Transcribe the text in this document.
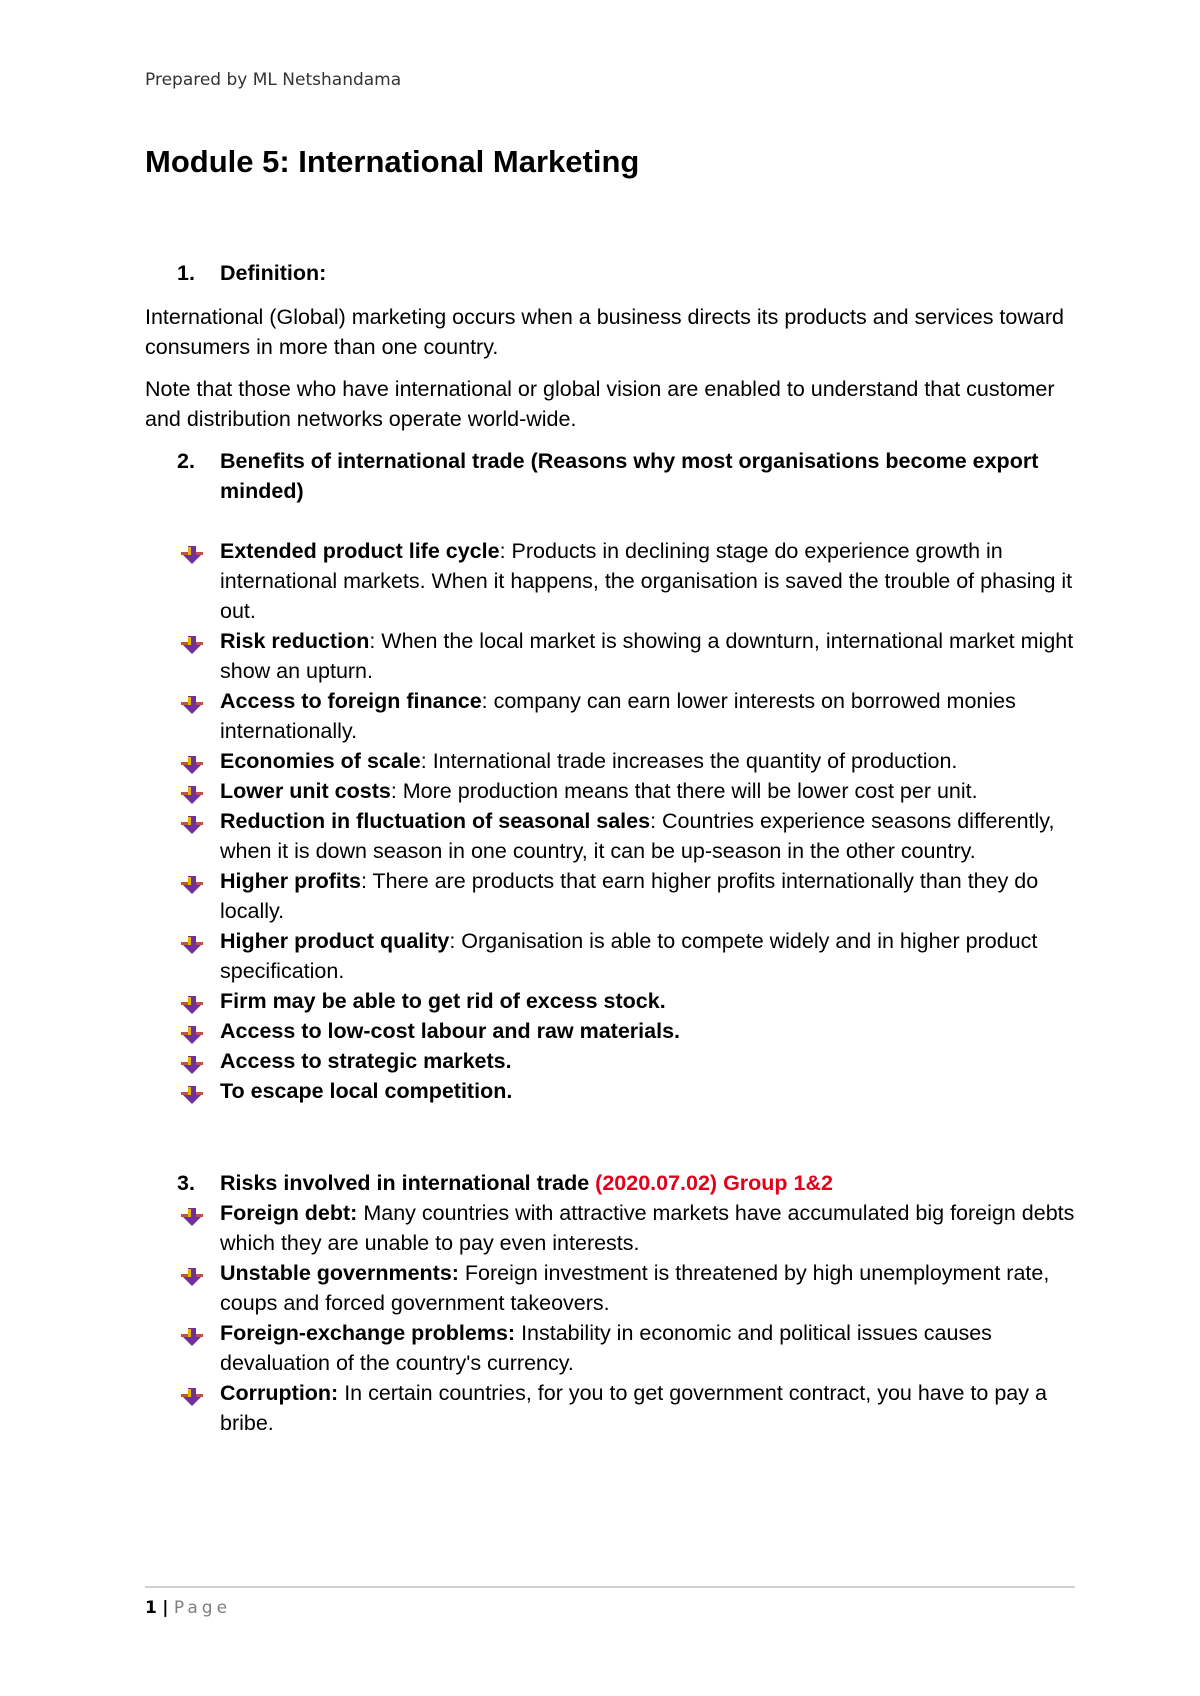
Prepared by ML Netshandama
Module 5: International Marketing

1. Definition:

International (Global) marketing occurs when a business directs its products and services toward consumers in more than one country.

Note that those who have international or global vision are enabled to understand that customer and distribution networks operate world-wide.

2. Benefits of international trade (Reasons why most organisations become export minded)

Extended product life cycle: Products in declining stage do experience growth in international markets. When it happens, the organisation is saved the trouble of phasing it out.
Risk reduction: When the local market is showing a downturn, international market might show an upturn.
Access to foreign finance: company can earn lower interests on borrowed monies internationally.
Economies of scale: International trade increases the quantity of production.
Lower unit costs: More production means that there will be lower cost per unit.
Reduction in fluctuation of seasonal sales: Countries experience seasons differently, when it is down season in one country, it can be up-season in the other country.
Higher profits: There are products that earn higher profits internationally than they do locally.
Higher product quality: Organisation is able to compete widely and in higher product specification.
Firm may be able to get rid of excess stock.
Access to low-cost labour and raw materials.
Access to strategic markets.
To escape local competition.

3. Risks involved in international trade (2020.07.02) Group 1&2

Foreign debt: Many countries with attractive markets have accumulated big foreign debts which they are unable to pay even interests.
Unstable governments: Foreign investment is threatened by high unemployment rate, coups and forced government takeovers.
Foreign-exchange problems: Instability in economic and political issues causes devaluation of the country's currency.
Corruption: In certain countries, for you to get government contract, you have to pay a bribe.
1 | Page
